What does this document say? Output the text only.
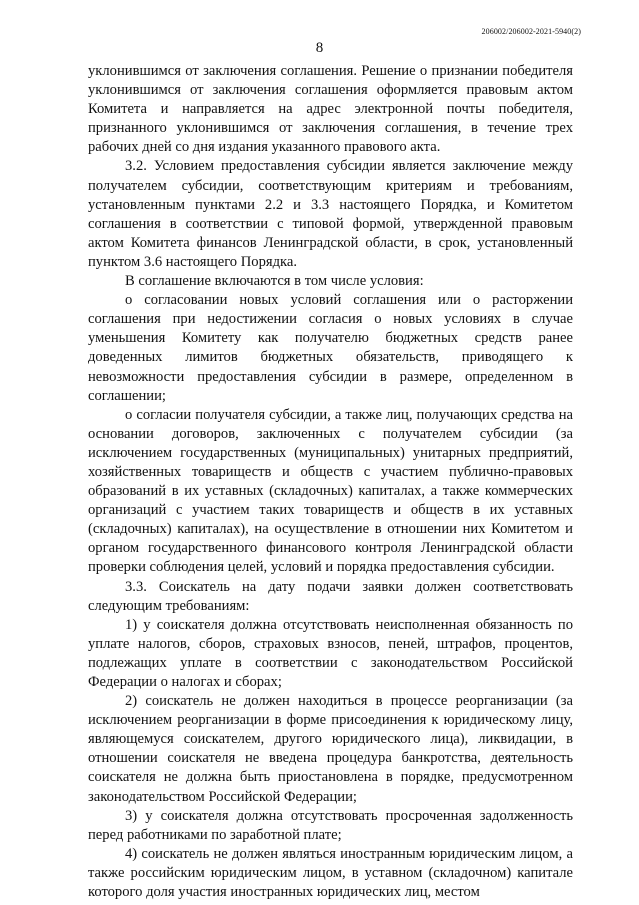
206002/206002-2021-5940(2)
8

уклонившимся от заключения соглашения. Решение о признании победителя уклонившимся от заключения соглашения оформляется правовым актом Комитета и направляется на адрес электронной почты победителя, признанного уклонившимся от заключения соглашения, в течение трех рабочих дней со дня издания указанного правового акта.

3.2. Условием предоставления субсидии является заключение между получателем субсидии, соответствующим критериям и требованиям, установленным пунктами 2.2 и 3.3 настоящего Порядка, и Комитетом соглашения в соответствии с типовой формой, утвержденной правовым актом Комитета финансов Ленинградской области, в срок, установленный пунктом 3.6 настоящего Порядка.

В соглашение включаются в том числе условия:

о согласовании новых условий соглашения или о расторжении соглашения при недостижении согласия о новых условиях в случае уменьшения Комитету как получателю бюджетных средств ранее доведенных лимитов бюджетных обязательств, приводящего к невозможности предоставления субсидии в размере, определенном в соглашении;

о согласии получателя субсидии, а также лиц, получающих средства на основании договоров, заключенных с получателем субсидии (за исключением государственных (муниципальных) унитарных предприятий, хозяйственных товариществ и обществ с участием публично-правовых образований в их уставных (складочных) капиталах, а также коммерческих организаций с участием таких товариществ и обществ в их уставных (складочных) капиталах), на осуществление в отношении них Комитетом и органом государственного финансового контроля Ленинградской области проверки соблюдения целей, условий и порядка предоставления субсидии.

3.3. Соискатель на дату подачи заявки должен соответствовать следующим требованиям:

1) у соискателя должна отсутствовать неисполненная обязанность по уплате налогов, сборов, страховых взносов, пеней, штрафов, процентов, подлежащих уплате в соответствии с законодательством Российской Федерации о налогах и сборах;

2) соискатель не должен находиться в процессе реорганизации (за исключением реорганизации в форме присоединения к юридическому лицу, являющемуся соискателем, другого юридического лица), ликвидации, в отношении соискателя не введена процедура банкротства, деятельность соискателя не должна быть приостановлена в порядке, предусмотренном законодательством Российской Федерации;

3) у соискателя должна отсутствовать просроченная задолженность перед работниками по заработной плате;

4) соискатель не должен являться иностранным юридическим лицом, а также российским юридическим лицом, в уставном (складочном) капитале которого доля участия иностранных юридических лиц, местом
